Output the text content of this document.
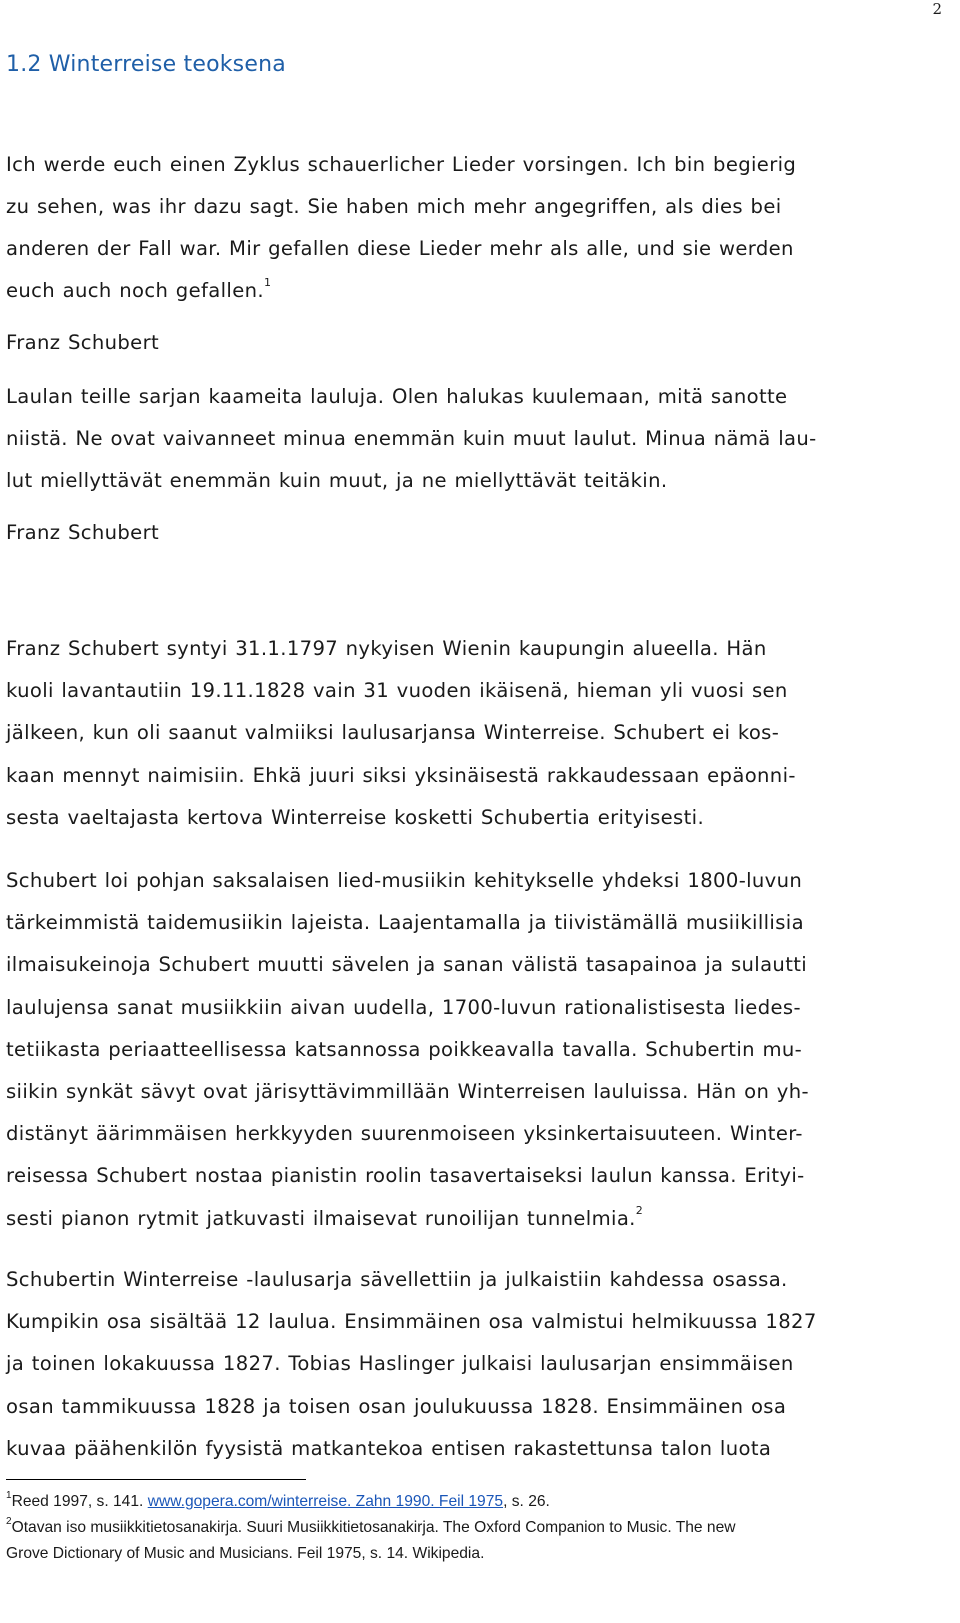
2
1.2 Winterreise teoksena
Ich werde euch einen Zyklus schauerlicher Lieder vorsingen. Ich bin begierig
zu sehen, was ihr dazu sagt. Sie haben mich mehr angegriffen, als dies bei
anderen der Fall war. Mir gefallen diese Lieder mehr als alle, und sie werden
euch auch noch gefallen.$^1$
Franz Schubert
Laulan teille sarjan kaameita lauluja. Olen halukas kuulemaan, mitä sanotte
niistä. Ne ovat vaivanneet minua enemmän kuin muut laulut. Minua nämä lau-
lut miellyttävät enemmän kuin muut, ja ne miellyttävät teitäkin.
Franz Schubert
Franz Schubert syntyi 31.1.1797 nykyisen Wienin kaupungin alueella. Hän
kuoli lavantautiin 19.11.1828 vain 31 vuoden ikäisenä, hieman yli vuosi sen
jälkeen, kun oli saanut valmiiksi laulusarjansa Winterreise. Schubert ei kos-
kaan mennyt naimisiin. Ehkä juuri siksi yksinäisestä rakkaudessaan epäonni-
sesta vaeltajasta kertova Winterreise kosketti Schubertia erityisesti.
Schubert loi pohjan saksalaisen lied-musiikin kehitykselle yhdeksi 1800-luvun
tärkeimmistä taidemusiikin lajeista. Laajentamalla ja tiivistämällä musiikillisia
ilmaisukeinoja Schubert muutti sävelen ja sanan välistä tasapainoa ja sulautti
laulujensa sanat musiikkiin aivan uudella, 1700-luvun rationalistisesta liedes-
tetiikasta periaatteellisessa katsannossa poikkeavalla tavalla. Schubertin mu-
siikin synkät sävyt ovat järisyttävimmillään Winterreisen lauluissa. Hän on yh-
distänyt äärimmäisen herkkyyden suurenmoiseen yksinkertaisuuteen. Winter-
reisessa Schubert nostaa pianistin roolin tasavertaiseksi laulun kanssa. Erityi-
sesti pianon rytmit jatkuvasti ilmaisevat runoilijan tunnelmia.$^2$
Schubertin Winterreise -laulusarja sävellettiin ja julkaistiin kahdessa osassa.
Kumpikin osa sisältää 12 laulua. Ensimmäinen osa valmistui helmikuussa 1827
ja toinen lokakuussa 1827. Tobias Haslinger julkaisi laulusarjan ensimmäisen
osan tammikuussa 1828 ja toisen osan joulukuussa 1828. Ensimmäinen osa
kuvaa päähenkilön fyysistä matkantekoa entisen rakastettunsa talon luota
$^1$Reed 1997, s. 141. www.gopera.com/winterreise. Zahn 1990. Feil 1975, s. 26.
$^2$Otavan iso musiikkitietosanakirja. Suuri Musiikkitietosanakirja. The Oxford Companion to Music. The new
Grove Dictionary of Music and Musicians. Feil 1975, s. 14. Wikipedia.
